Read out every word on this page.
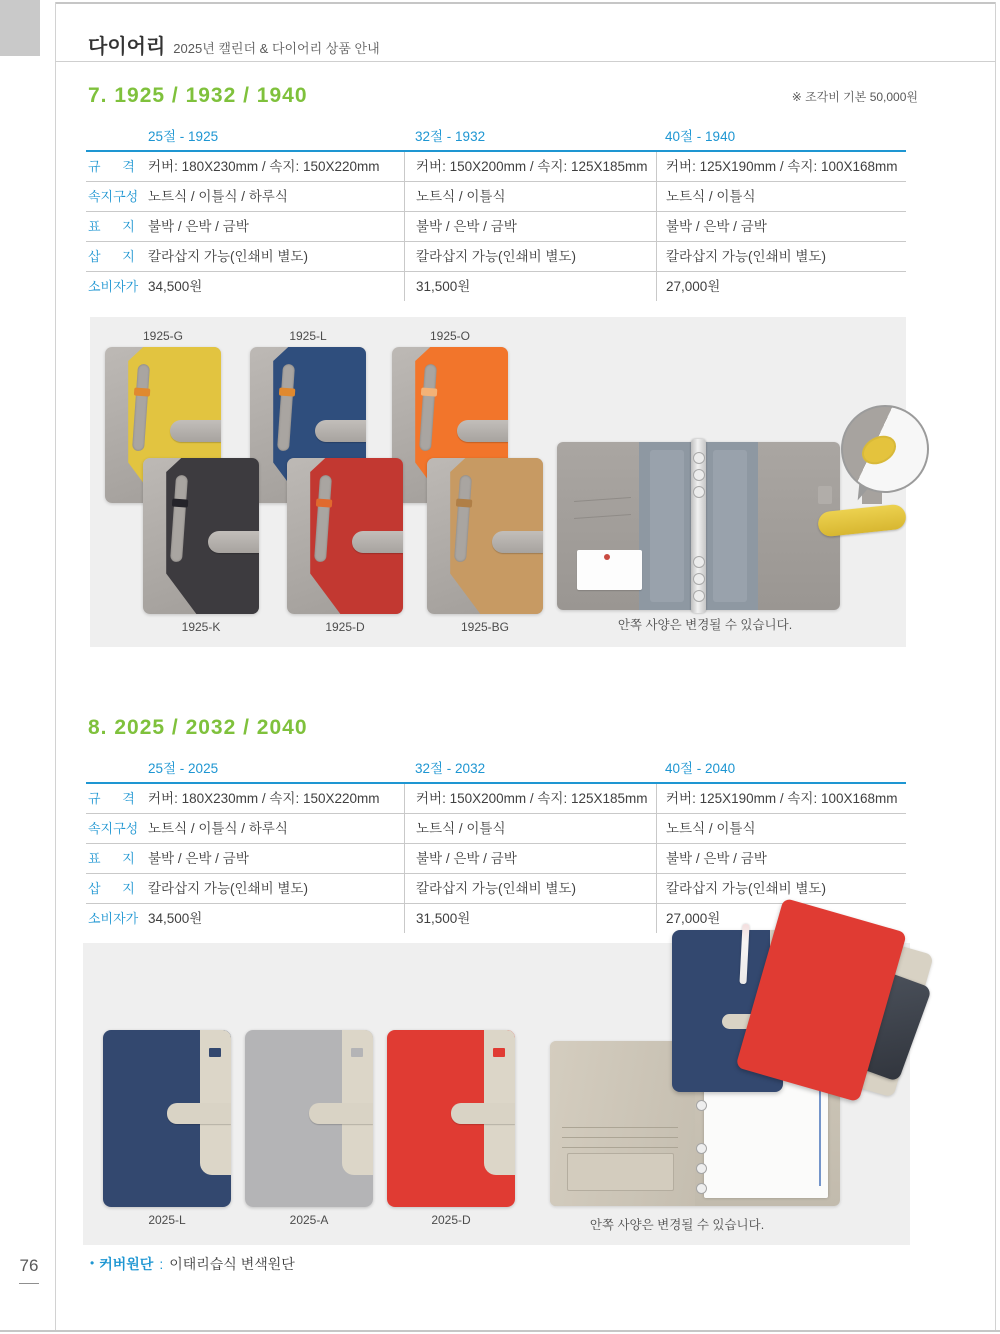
다이어리 2025년 캘린더 & 다이어리 상품 안내
7. 1925 / 1932 / 1940	※ 조각비 기본 50,000원
25절 - 1925	32절 - 1932	40절 - 1940
규      격 커버: 180X230mm / 속지: 150X220mm	커버: 150X200mm / 속지: 125X185mm	커버: 125X190mm / 속지: 100X168mm
속지구성 노트식 / 이틀식 / 하루식	노트식 / 이틀식	노트식 / 이틀식
표      지 불박 / 은박 / 금박	불박 / 은박 / 금박	불박 / 은박 / 금박
삽      지 칼라삽지 가능(인쇄비 별도)	칼라삽지 가능(인쇄비 별도)	칼라삽지 가능(인쇄비 별도)
소비자가 34,500원	31,500원	27,000원
1925-G	1925-L	1925-O
1925-K	1925-D	1925-BG	안쪽 사양은 변경될 수 있습니다.
8. 2025 / 2032 / 2040
25절 - 2025	32절 - 2032	40절 - 2040
규      격 커버: 180X230mm / 속지: 150X220mm	커버: 150X200mm / 속지: 125X185mm	커버: 125X190mm / 속지: 100X168mm
속지구성 노트식 / 이틀식 / 하루식	노트식 / 이틀식	노트식 / 이틀식
표      지 불박 / 은박 / 금박	불박 / 은박 / 금박	불박 / 은박 / 금박
삽      지 칼라삽지 가능(인쇄비 별도)	칼라삽지 가능(인쇄비 별도)	칼라삽지 가능(인쇄비 별도)
소비자가 34,500원	31,500원	27,000원
2025-L	2025-A	2025-D	안쪽 사양은 변경될 수 있습니다.
• 커버원단 : 이태리습식 변색원단
76
